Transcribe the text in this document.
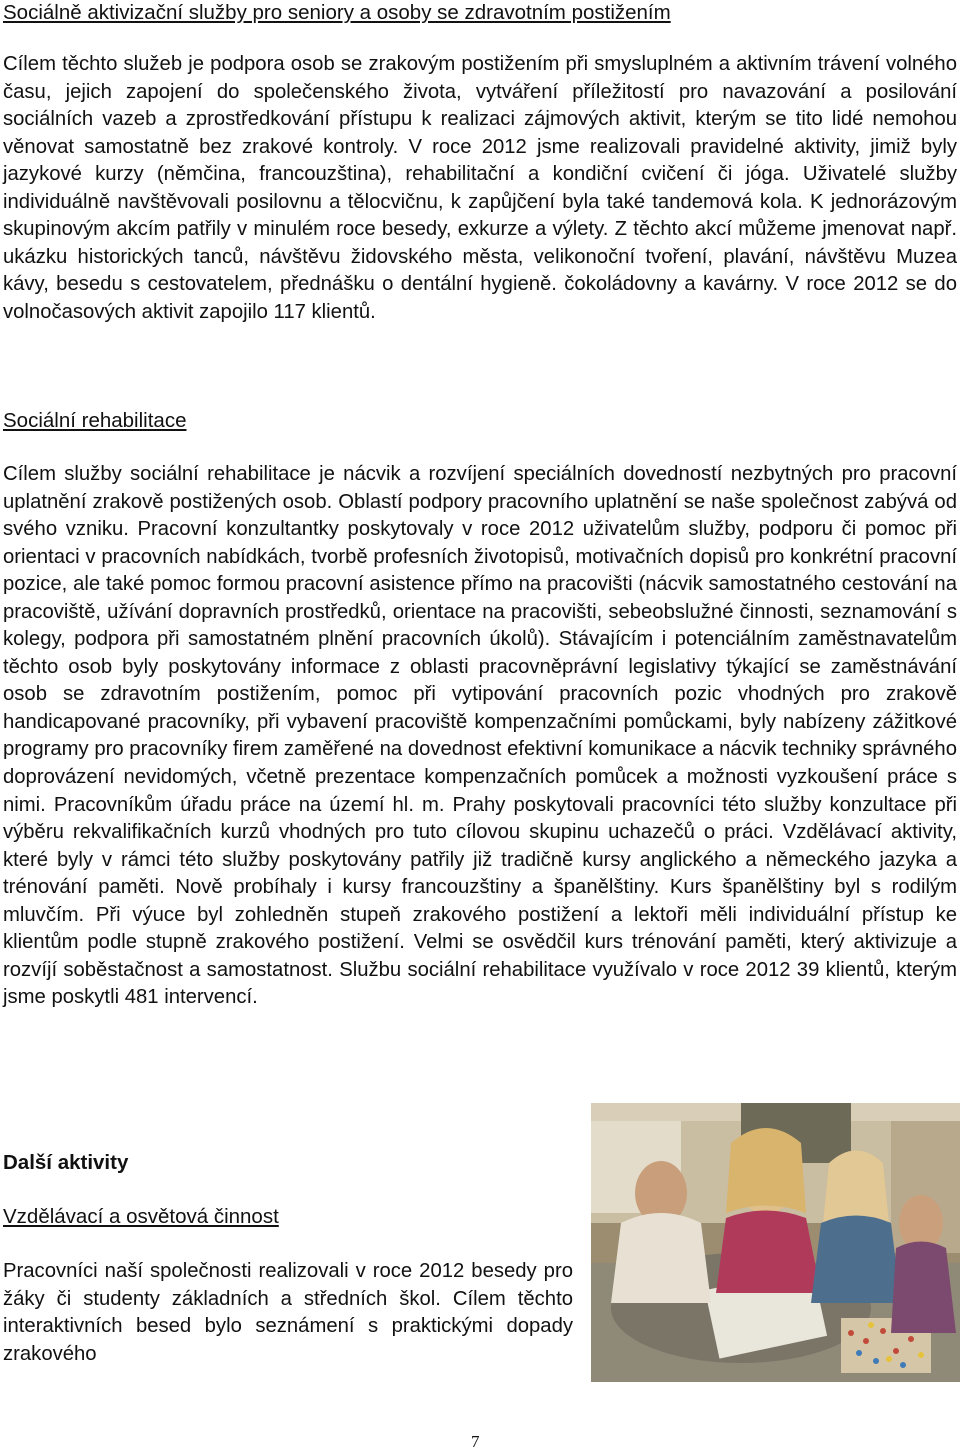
Sociálně aktivizační služby pro seniory a osoby se zdravotním postižením

Cílem těchto služeb je podpora osob se zrakovým postižením při smysluplném a aktivním trávení volného času, jejich zapojení do společenského života, vytváření příležitostí pro navazování a posilování sociálních vazeb a zprostředkování přístupu k realizaci zájmových aktivit, kterým se tito lidé nemohou věnovat samostatně bez zrakové kontroly. V roce 2012 jsme realizovali pravidelné aktivity, jimiž byly jazykové kurzy (němčina, francouzština), rehabilitační a kondiční cvičení či jóga. Uživatelé služby individuálně navštěvovali posilovnu a tělocvičnu, k zapůjčení byla také tandemová kola. K jednorázovým skupinovým akcím patřily v minulém roce besedy, exkurze a výlety. Z těchto akcí můžeme jmenovat např. ukázku historických tanců, návštěvu židovského města, velikonoční tvoření, plavání, návštěvu Muzea kávy, besedu s cestovatelem, přednášku o dentální hygieně. čokoládovny a kavárny. V roce 2012 se do volnočasových aktivit zapojilo 117 klientů.

Sociální rehabilitace

Cílem služby sociální rehabilitace je nácvik a rozvíjení speciálních dovedností nezbytných pro pracovní uplatnění zrakově postižených osob. Oblastí podpory pracovního uplatnění se naše společnost zabývá od svého vzniku. Pracovní konzultantky poskytovaly v roce 2012 uživatelům služby, podporu či pomoc při orientaci v pracovních nabídkách, tvorbě profesních životopisů, motivačních dopisů pro konkrétní pracovní pozice, ale také pomoc formou pracovní asistence přímo na pracovišti (nácvik samostatného cestování na pracoviště, užívání dopravních prostředků, orientace na pracovišti, sebeobslužné činnosti, seznamování s kolegy, podpora při samostatném plnění pracovních úkolů). Stávajícím i potenciálním zaměstnavatelům těchto osob byly poskytovány informace z oblasti pracovněprávní legislativy týkající se zaměstnávání osob se zdravotním postižením, pomoc při vytipování pracovních pozic vhodných pro zrakově handicapované pracovníky, při vybavení pracoviště kompenzačními pomůckami, byly nabízeny zážitkové programy pro pracovníky firem zaměřené na dovednost efektivní komunikace a nácvik techniky správného doprovázení nevidomých, včetně prezentace kompenzačních pomůcek a možnosti vyzkoušení práce s nimi. Pracovníkům úřadu práce na území hl. m. Prahy poskytovali pracovníci této služby konzultace při výběru rekvalifikačních kurzů vhodných pro tuto cílovou skupinu uchazečů o práci. Vzdělávací aktivity, které byly v rámci této služby poskytovány patřily již tradičně kursy anglického a německého jazyka a trénování paměti. Nově probíhaly i kursy francouzštiny a španělštiny. Kurs španělštiny byl s rodilým mluvčím. Při výuce byl zohledněn stupeň zrakového postižení a lektoři měli individuální přístup ke klientům podle stupně zrakového postižení. Velmi se osvědčil kurs trénování paměti, který aktivizuje a rozvíjí soběstačnost a samostatnost. Službu sociální rehabilitace využívalo v roce 2012 39 klientů, kterým jsme poskytli 481 intervencí.

Další aktivity
Vzdělávací a osvětová činnost

Pracovníci naší společnosti realizovali v roce 2012 besedy pro žáky či studenty základních a středních škol. Cílem těchto interaktivních besed bylo seznámení s praktickými dopady zrakového

7
